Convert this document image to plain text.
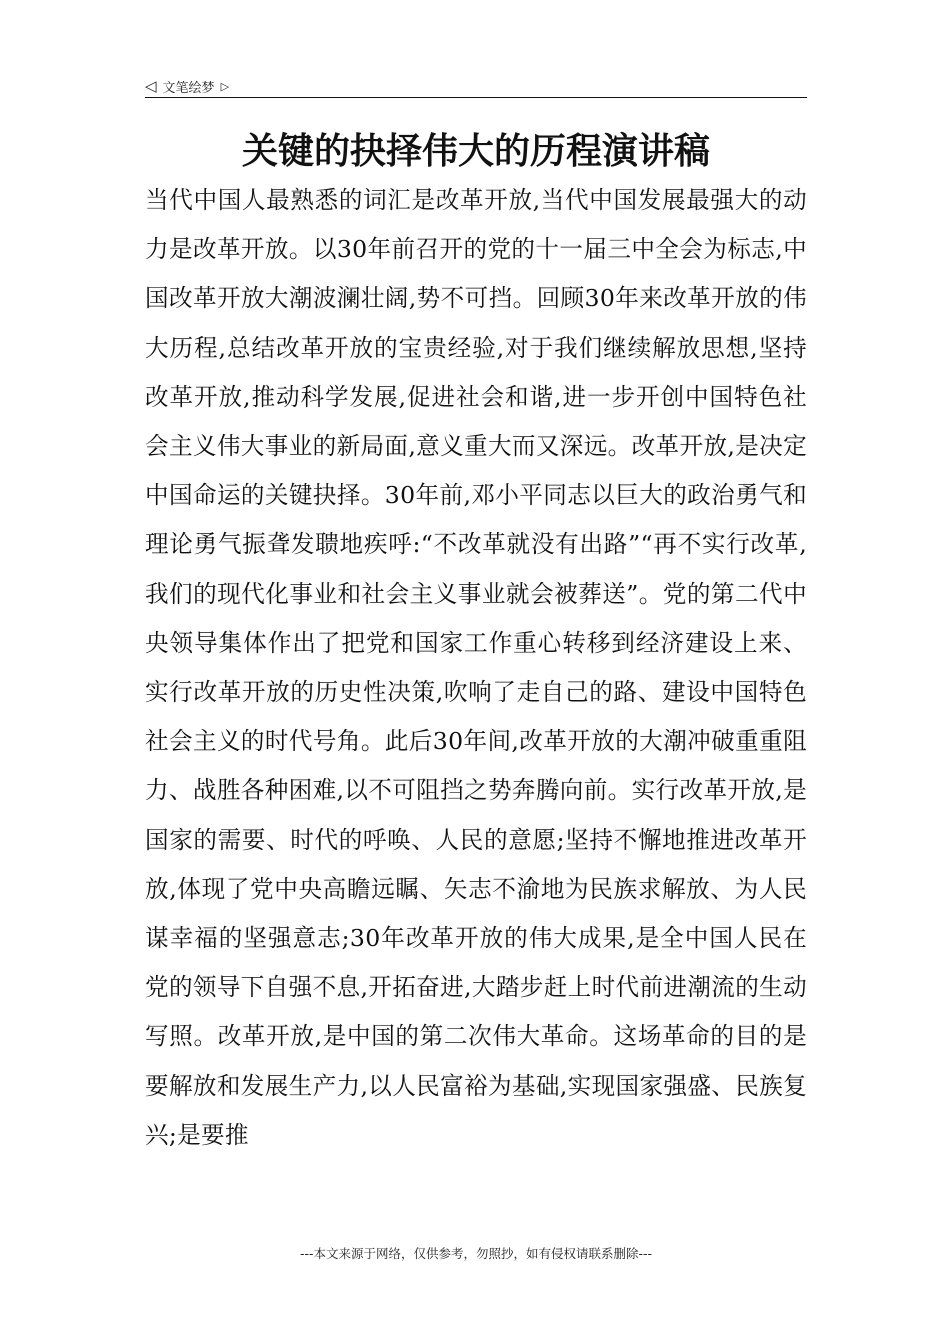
◁ 文笔绘梦 ▷
关键的抉择伟大的历程演讲稿

当代中国人最熟悉的词汇是改革开放,当代中国发展最强大的动力是改革开放。以30年前召开的党的十一届三中全会为标志,中国改革开放大潮波澜壮阔,势不可挡。回顾30年来改革开放的伟大历程,总结改革开放的宝贵经验,对于我们继续解放思想,坚持改革开放,推动科学发展,促进社会和谐,进一步开创中国特色社会主义伟大事业的新局面,意义重大而又深远。改革开放,是决定中国命运的关键抉择。30年前,邓小平同志以巨大的政治勇气和理论勇气振聋发聩地疾呼:“不改革就没有出路”“再不实行改革,我们的现代化事业和社会主义事业就会被葬送”。党的第二代中央领导集体作出了把党和国家工作重心转移到经济建设上来、实行改革开放的历史性决策,吹响了走自己的路、建设中国特色社会主义的时代号角。此后30年间,改革开放的大潮冲破重重阻力、战胜各种困难,以不可阻挡之势奔腾向前。实行改革开放,是国家的需要、时代的呼唤、人民的意愿;坚持不懈地推进改革开放,体现了党中央高瞻远瞩、矢志不渝地为民族求解放、为人民谋幸福的坚强意志;30年改革开放的伟大成果,是全中国人民在党的领导下自强不息,开拓奋进,大踏步赶上时代前进潮流的生动写照。改革开放,是中国的第二次伟大革命。这场革命的目的是要解放和发展生产力,以人民富裕为基础,实现国家强盛、民族复兴;是要推

---本文来源于网络，仅供参考，勿照抄，如有侵权请联系删除---
